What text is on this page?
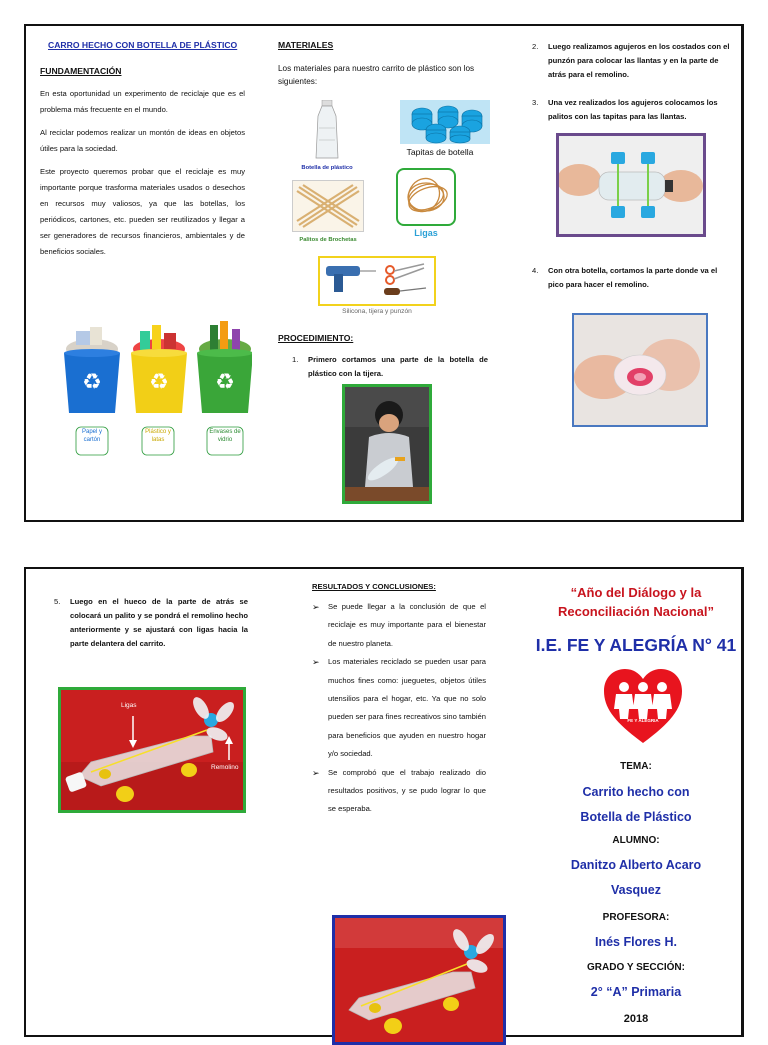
CARRO HECHO CON BOTELLA DE PLÁSTICO
FUNDAMENTACIÓN
En esta oportunidad un experimento de reciclaje que es el problema más frecuente en el mundo.
Al reciclar podemos realizar un montón de ideas en objetos útiles para la sociedad.
Este proyecto queremos probar que el reciclaje es muy importante porque trasforma materiales usados o desechos en recursos muy valiosos, ya que las botellas, los periódicos, cartones, etc. pueden ser reutilizados y llegar a ser generadores de recursos financieros, ambientales y de beneficios sociales.
♻ ♻ ♻
Papel y cartón
Plástico y latas
Envases de vidrio
MATERIALES
Los materiales para nuestro carrito de plástico son los siguientes:
Botella de plástico
Tapitas de botella
Palitos de Brochetas
Ligas
Silicona, tijera y punzón
PROCEDIMIENTO:
1. Primero cortamos una parte de la botella de plástico con la tijera.
2. Luego realizamos agujeros en los costados con el punzón para colocar las llantas y en la parte de atrás para el remolino.
3. Una vez realizados los agujeros colocamos los palitos con las tapitas para las llantas.
4. Con otra botella, cortamos la parte donde va el pico para hacer el remolino.
5. Luego en el hueco de la parte de atrás se colocará un palito y se pondrá el remolino hecho anteriormente y se ajustará con ligas hacia la parte delantera del carrito.
Ligas
Remolino
RESULTADOS Y CONCLUSIONES:
➢ Se puede llegar a la conclusión de que el reciclaje es muy importante para el bienestar de nuestro planeta.
➢ Los materiales reciclado se pueden usar para muchos fines como: jueguetes, objetos útiles utensilios para el hogar, etc. Ya que no solo pueden ser para fines recreativos sino también para beneficios que ayuden en nuestro hogar y/o sociedad.
➢ Se comprobó que el trabajo realizado dio resultados positivos, y se pudo lograr lo que se esperaba.
“Año del Diálogo y la Reconciliación Nacional”
I.E. FE Y ALEGRÍA N° 41
FE Y ALEGRIA
TEMA:
Carrito hecho con Botella de Plástico
ALUMNO:
Danitzo Alberto Acaro Vasquez
PROFESORA:
Inés Flores H.
GRADO Y SECCIÓN:
2° “A” Primaria
2018
